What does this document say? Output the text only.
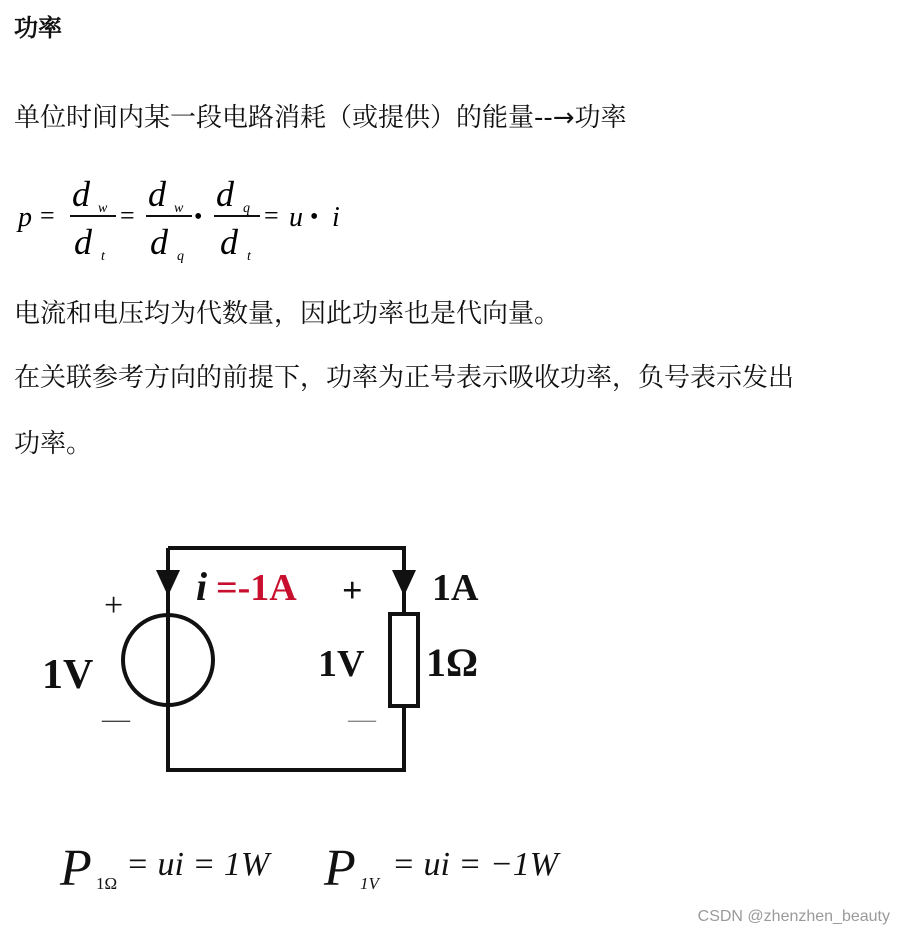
功率
单位时间内某一段电路消耗（或提供）的能量--→功率
p =
d w
d t
=
d w
d q
•
d q
d t
= u • i
电流和电压均为代数量，因此功率也是代向量。
在关联参考方向的前提下，功率为正号表示吸收功率，负号表示发出
功率。
i =-1A + 1A
+
1V	1V 1Ω
—	—
P 1Ω
= ui = 1W P 1V
= ui = −1W
CSDN @zhenzhen_beauty
